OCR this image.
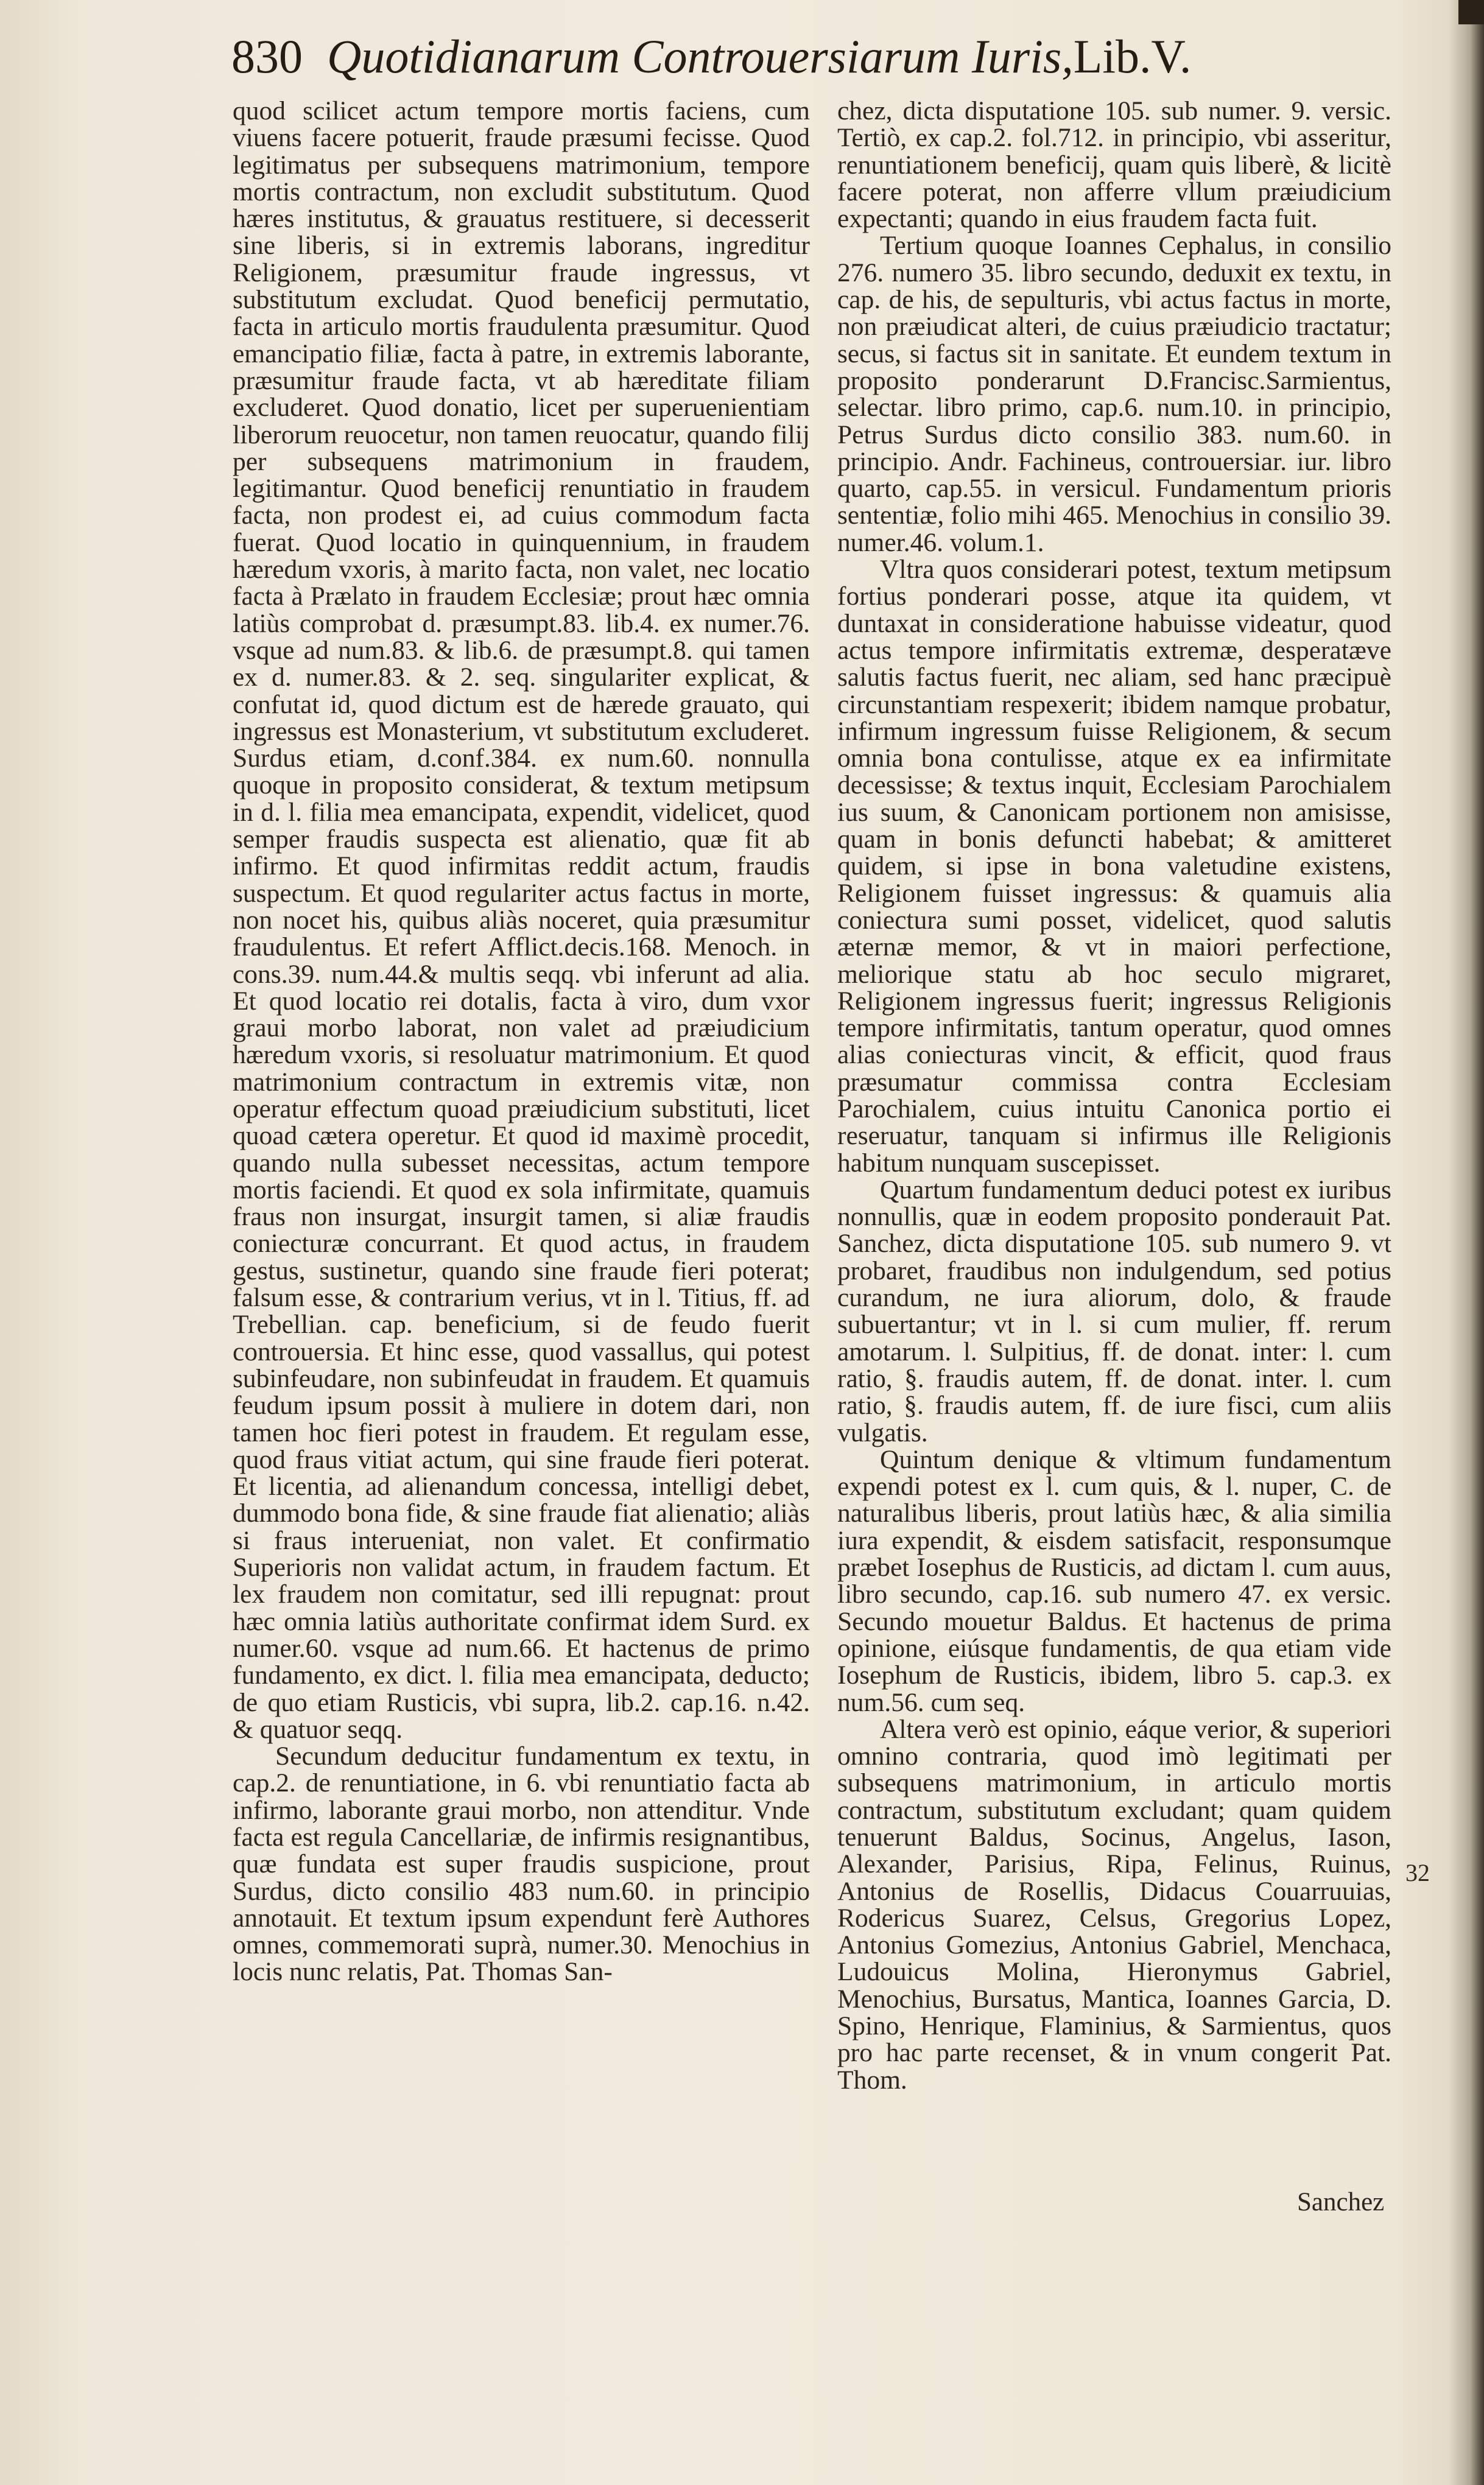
830 Quotidianarum Controuersiarum Iuris,Lib.V.

quod scilicet actum tempore mortis faciens, cum viuens facere potuerit, fraude præsumi fecisse. Quod legitimatus per subsequens matrimonium, tempore mortis contractum, non excludit substitutum. Quod hæres institutus, & grauatus restituere, si decesserit sine liberis, si in extremis laborans, ingreditur Religionem, præsumitur fraude ingressus, vt substitutum excludat. Quod beneficij permutatio, facta in articulo mortis fraudulenta præsumitur. Quod emancipatio filiæ, facta à patre, in extremis laborante, præsumitur fraude facta, vt ab hæreditate filiam excluderet. Quod donatio, licet per superuenientiam liberorum reuocetur, non tamen reuocatur, quando filij per subsequens matrimonium in fraudem, legitimantur. Quod beneficij renuntiatio in fraudem facta, non prodest ei, ad cuius commodum facta fuerat. Quod locatio in quinquennium, in fraudem hæredum vxoris, à marito facta, non valet, nec locatio facta à Prælato in fraudem Ecclesiæ; prout hæc omnia latiùs comprobat d. præsumpt.83. lib.4. ex numer.76. vsque ad num.83. & lib.6. de præsumpt.8. qui tamen ex d. numer.83. & 2. seq. singulariter explicat, & confutat id, quod dictum est de hærede grauato, qui ingressus est Monasterium, vt substitutum excluderet. Surdus etiam, d.conf.384. ex num.60. nonnulla quoque in proposito considerat, & textum metipsum in d. l. filia mea emancipata, expendit, videlicet, quod semper fraudis suspecta est alienatio, quæ fit ab infirmo. Et quod infirmitas reddit actum, fraudis suspectum. Et quod regulariter actus factus in morte, non nocet his, quibus aliàs noceret, quia præsumitur fraudulentus. Et refert Afflict.decis.168. Menoch. in cons.39. num.44.& multis seqq. vbi inferunt ad alia. Et quod locatio rei dotalis, facta à viro, dum vxor graui morbo laborat, non valet ad præiudicium hæredum vxoris, si resoluatur matrimonium. Et quod matrimonium contractum in extremis vitæ, non operatur effectum quoad præiudicium substituti, licet quoad cætera operetur. Et quod id maximè procedit, quando nulla subesset necessitas, actum tempore mortis faciendi. Et quod ex sola infirmitate, quamuis fraus non insurgat, insurgit tamen, si aliæ fraudis coniecturæ concurrant. Et quod actus, in fraudem gestus, sustinetur, quando sine fraude fieri poterat; falsum esse, & contrarium verius, vt in l. Titius, ff. ad Trebellian. cap. beneficium, si de feudo fuerit controuersia. Et hinc esse, quod vassallus, qui potest subinfeudare, non subinfeudat in fraudem. Et quamuis feudum ipsum possit à muliere in dotem dari, non tamen hoc fieri potest in fraudem. Et regulam esse, quod fraus vitiat actum, qui sine fraude fieri poterat. Et licentia, ad alienandum concessa, intelligi debet, dummodo bona fide, & sine fraude fiat alienatio; aliàs si fraus interueniat, non valet. Et confirmatio Superioris non validat actum, in fraudem factum. Et lex fraudem non comitatur, sed illi repugnat: prout hæc omnia latiùs authoritate confirmat idem Surd. ex numer.60. vsque ad num.66. Et hactenus de primo fundamento, ex dict. l. filia mea emancipata, deducto; de quo etiam Rusticis, vbi supra, lib.2. cap.16. n.42. & quatuor seqq.

Secundum deducitur fundamentum ex textu, in cap.2. de renuntiatione, in 6. vbi renuntiatio facta ab infirmo, laborante graui morbo, non attenditur. Vnde facta est regula Cancellariæ, de infirmis resignantibus, quæ fundata est super fraudis suspicione, prout Surdus, dicto consilio 483 num.60. in principio annotauit. Et textum ipsum expendunt ferè Authores omnes, commemorati suprà, numer.30. Menochius in locis nunc relatis, Pat. Thomas San-

chez, dicta disputatione 105. sub numer. 9. versic. Tertiò, ex cap.2. fol.712. in principio, vbi asseritur, renuntiationem beneficij, quam quis liberè, & licitè facere poterat, non afferre vllum præiudicium expectanti; quando in eius fraudem facta fuit.

Tertium quoque Ioannes Cephalus, in consilio 276. numero 35. libro secundo, deduxit ex textu, in cap. de his, de sepulturis, vbi actus factus in morte, non præiudicat alteri, de cuius præiudicio tractatur; secus, si factus sit in sanitate. Et eundem textum in proposito ponderarunt D.Francisc.Sarmientus, selectar. libro primo, cap.6. num.10. in principio, Petrus Surdus dicto consilio 383. num.60. in principio. Andr. Fachineus, controuersiar. iur. libro quarto, cap.55. in versicul. Fundamentum prioris sententiæ, folio mihi 465. Menochius in consilio 39. numer.46. volum.1.

Vltra quos considerari potest, textum metipsum fortius ponderari posse, atque ita quidem, vt duntaxat in consideratione habuisse videatur, quod actus tempore infirmitatis extremæ, desperatæve salutis factus fuerit, nec aliam, sed hanc præcipuè circunstantiam respexerit; ibidem namque probatur, infirmum ingressum fuisse Religionem, & secum omnia bona contulisse, atque ex ea infirmitate decessisse; & textus inquit, Ecclesiam Parochialem ius suum, & Canonicam portionem non amisisse, quam in bonis defuncti habebat; & amitteret quidem, si ipse in bona valetudine existens, Religionem fuisset ingressus: & quamuis alia coniectura sumi posset, videlicet, quod salutis æternæ memor, & vt in maiori perfectione, meliorique statu ab hoc seculo migraret, Religionem ingressus fuerit; ingressus Religionis tempore infirmitatis, tantum operatur, quod omnes alias coniecturas vincit, & efficit, quod fraus præsumatur commissa contra Ecclesiam Parochialem, cuius intuitu Canonica portio ei reseruatur, tanquam si infirmus ille Religionis habitum nunquam suscepisset.

Quartum fundamentum deduci potest ex iuribus nonnullis, quæ in eodem proposito ponderauit Pat. Sanchez, dicta disputatione 105. sub numero 9. vt probaret, fraudibus non indulgendum, sed potius curandum, ne iura aliorum, dolo, & fraude subuertantur; vt in l. si cum mulier, ff. rerum amotarum. l. Sulpitius, ff. de donat. inter: l. cum ratio, §. fraudis autem, ff. de donat. inter. l. cum ratio, §. fraudis autem, ff. de iure fisci, cum aliis vulgatis.

Quintum denique & vltimum fundamentum expendi potest ex l. cum quis, & l. nuper, C. de naturalibus liberis, prout latiùs hæc, & alia similia iura expendit, & eisdem satisfacit, responsumque præbet Iosephus de Rusticis, ad dictam l. cum auus, libro secundo, cap.16. sub numero 47. ex versic. Secundo mouetur Baldus. Et hactenus de prima opinione, eiúsque fundamentis, de qua etiam vide Iosephum de Rusticis, ibidem, libro 5. cap.3. ex num.56. cum seq.

Altera verò est opinio, eáque verior, & superiori omnino contraria, quod imò legitimati per subsequens matrimonium, in articulo mortis contractum, substitutum excludant; quam quidem tenuerunt Baldus, Socinus, Angelus, Iason, Alexander, Parisius, Ripa, Felinus, Ruinus, Antonius de Rosellis, Didacus Couarruuias, Rodericus Suarez, Celsus, Gregorius Lopez, Antonius Gomezius, Antonius Gabriel, Menchaca, Ludouicus Molina, Hieronymus Gabriel, Menochius, Bursatus, Mantica, Ioannes Garcia, D. Spino, Henrique, Flaminius, & Sarmientus, quos pro hac parte recenset, & in vnum congerit Pat. Thom.

32
Sanchez
